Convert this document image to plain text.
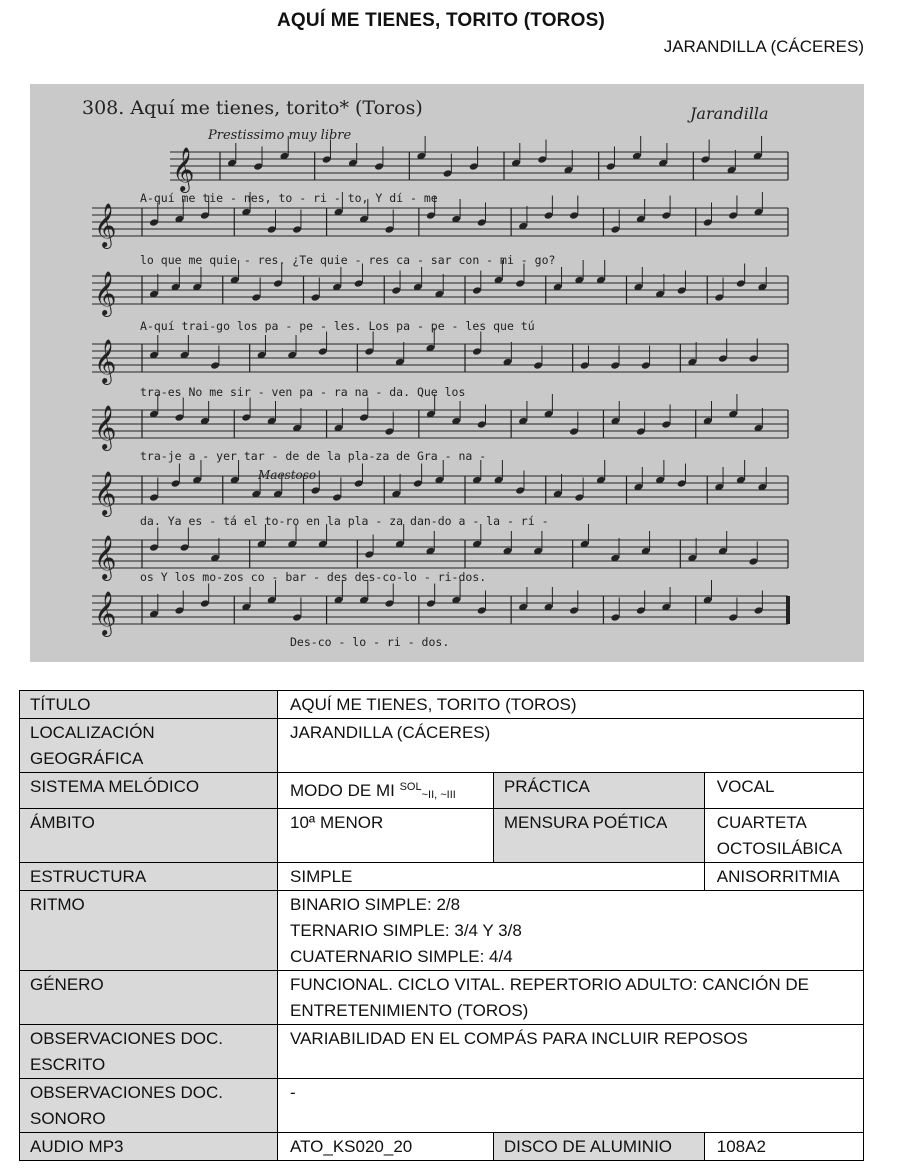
AQUÍ ME TIENES, TORITO (TOROS)
JARANDILLA (CÁCERES)
308. Aquí me tienes, torito* (Toros)	Jarandilla
Prestissimo muy libre
Maestoso
𝄞
𝄞
𝄞
𝄞
𝄞
𝄞
𝄞
𝄞
A-quí me tie - nes, to - ri - to, Y dí - me
lo que me quie - res. ¿Te quie - res ca - sar con - mi - go?
A-quí trai-go los pa - pe - les. Los pa - pe - les que tú
tra-es No me sir - ven pa - ra na - da. Que los
tra-je a - yer tar - de de la pla-za de Gra - na -
da. Ya es - tá el to-ro en la pla - za dan-do a - la - rí -
os Y los mo-zos co - bar - des des-co-lo - ri-dos.
Des-co - lo - ri - dos.
TÍTULO	AQUÍ ME TIENES, TORITO (TOROS)		
LOCALIZACIÓN GEOGRÁFICA	JARANDILLA (CÁCERES)		
SISTEMA MELÓDICO	MODO DE MI $^{SOL}$~II, ~III	PRÁCTICA	VOCAL
ÁMBITO	10ª MENOR	MENSURA POÉTICA	CUARTETA OCTOSILÁBICA
ESTRUCTURA	SIMPLE		ANISORRITMIA
RITMO	BINARIO SIMPLE: 2/8
TERNARIO SIMPLE: 3/4 Y 3/8
CUATERNARIO SIMPLE: 4/4		

GÉNERO	FUNCIONAL. CICLO VITAL. REPERTORIO ADULTO: CANCIÓN DE ENTRETENIMIENTO (TOROS)		
OBSERVACIONES DOC. ESCRITO	VARIABILIDAD EN EL COMPÁS PARA INCLUIR REPOSOS		
OBSERVACIONES DOC. SONORO	-		
AUDIO MP3	ATO_KS020_20	DISCO DE ALUMINIO	108A2
